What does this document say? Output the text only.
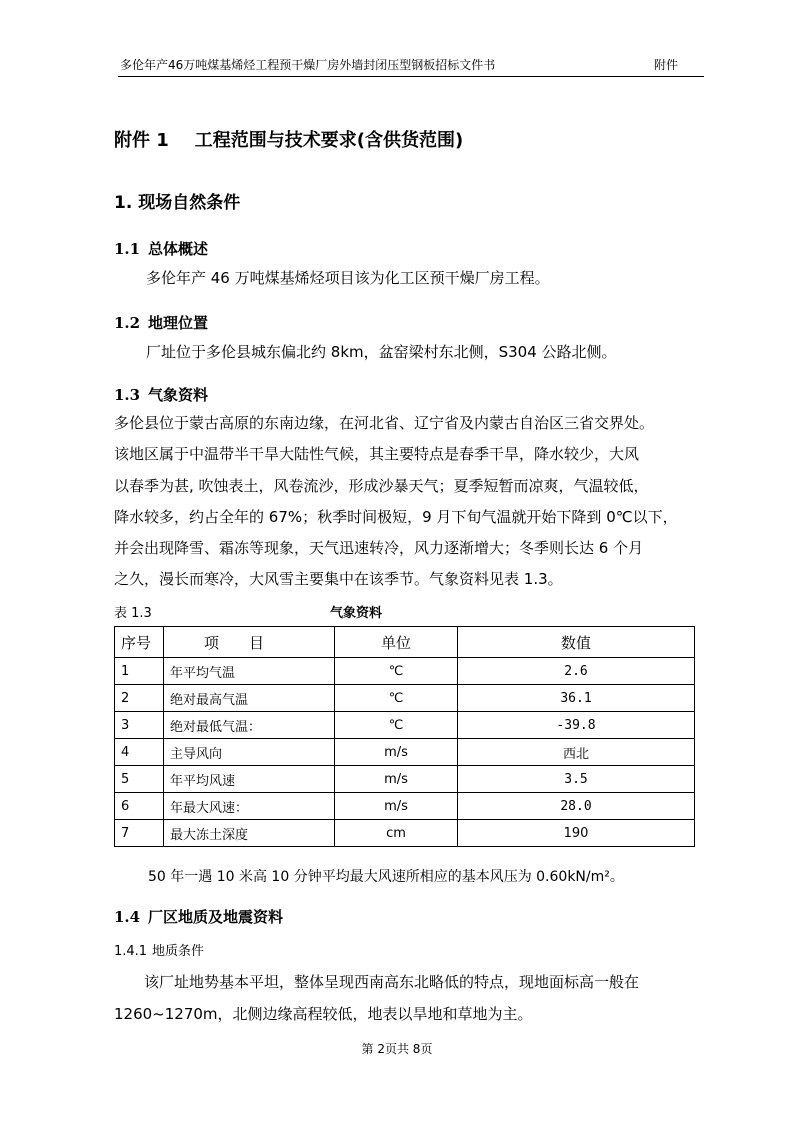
多伦年产46万吨煤基烯烃工程预干燥厂房外墙封闭压型钢板招标文件书	附件
附件 1 工程范围与技术要求(含供货范围)
1. 现场自然条件
1.1 总体概述
多伦年产 46 万吨煤基烯烃项目该为化工区预干燥厂房工程。
1.2 地理位置
厂址位于多伦县城东偏北约 8km，盆窑梁村东北侧，S304 公路北侧。
1.3 气象资料
多伦县位于蒙古高原的东南边缘，在河北省、辽宁省及内蒙古自治区三省交界处。
该地区属于中温带半干旱大陆性气候，其主要特点是春季干旱，降水较少，大风
以春季为甚, 吹蚀表土，风卷流沙，形成沙暴天气；夏季短暂而凉爽，气温较低，
降水较多，约占全年的 67%；秋季时间极短，9 月下旬气温就开始下降到 0℃以下，
并会出现降雪、霜冻等现象，天气迅速转冷，风力逐渐增大；冬季则长达 6 个月
之久，漫长而寒冷，大风雪主要集中在该季节。气象资料见表 1.3。
表 1.3	气象资料
序号	项目	单位	数值
1	年平均气温	℃	2.6
2	绝对最高气温	℃	36.1
3	绝对最低气温：	℃	-39.8
4	主导风向	m/s	西北
5	年平均风速	m/s	3.5
6	年最大风速：	m/s	28.0
7	最大冻土深度	cm	190
50 年一遇 10 米高 10 分钟平均最大风速所相应的基本风压为 0.60kN/m²。
1.4 厂区地质及地震资料
1.4.1 地质条件
　　该厂址地势基本平坦，整体呈现西南高东北略低的特点，现地面标高一般在
1260~1270m，北侧边缘高程较低，地表以旱地和草地为主。
第 2页共 8页
